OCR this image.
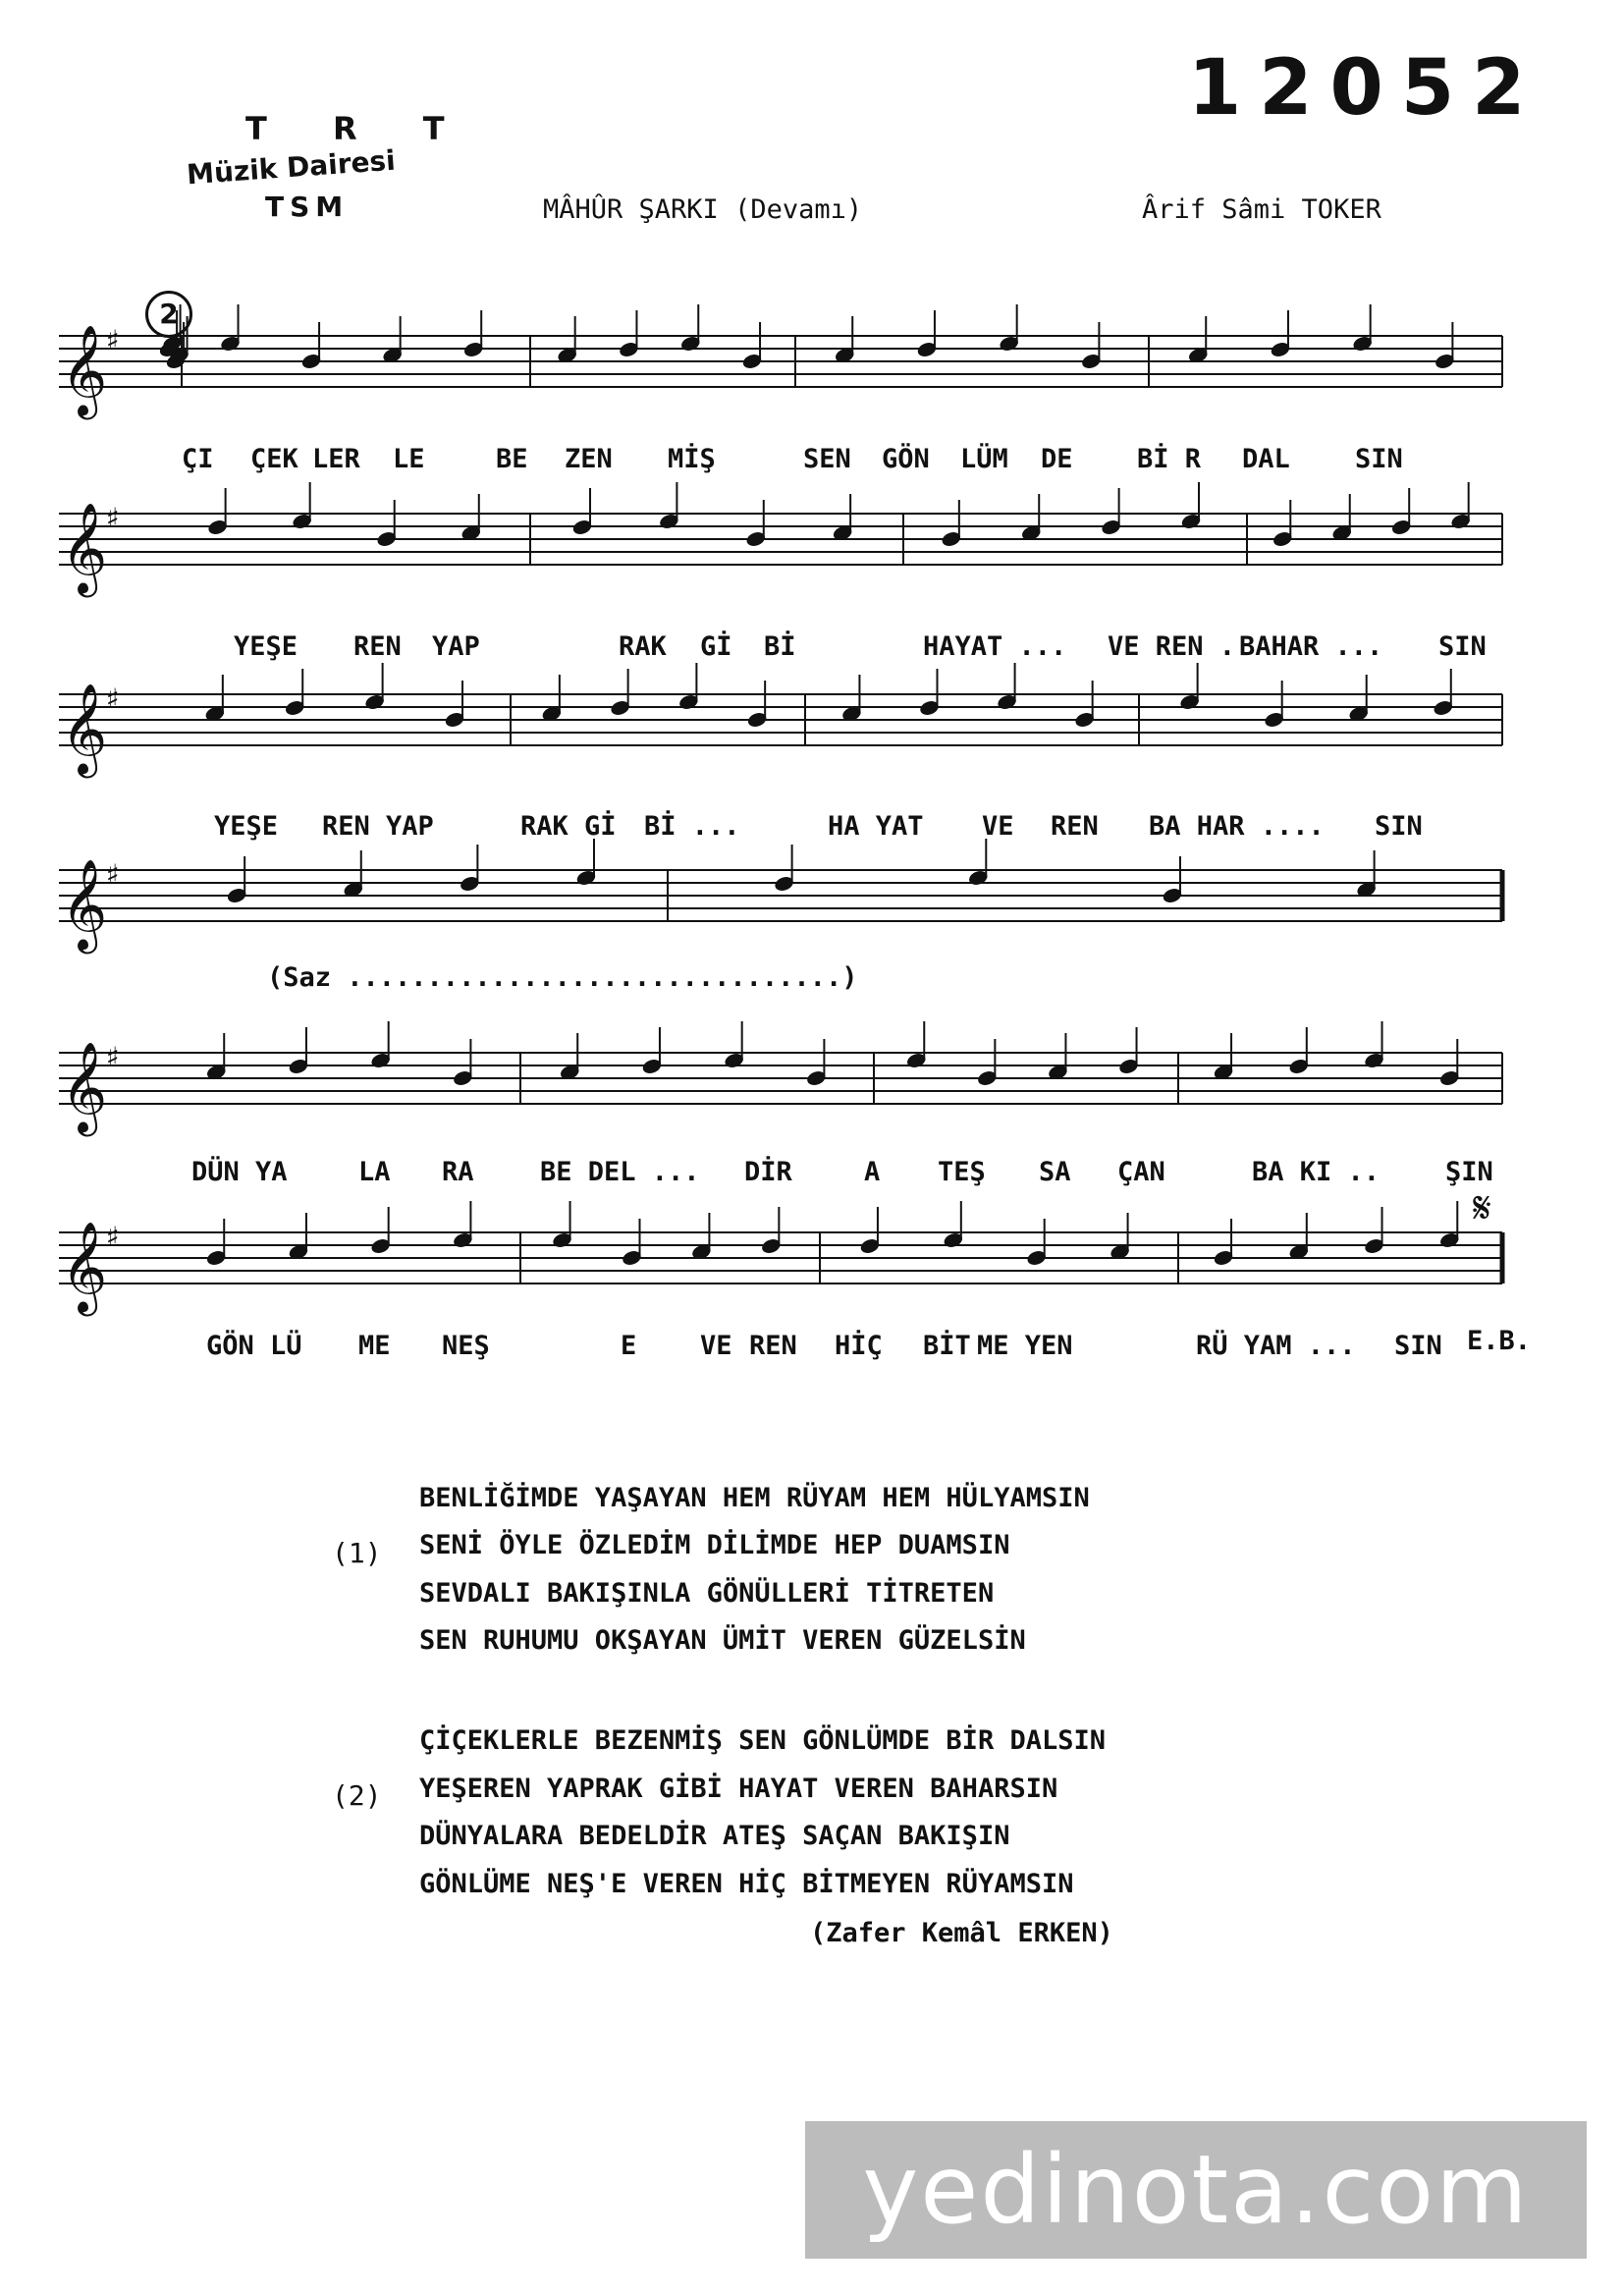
T R T
Müzik Dairesi
TSM
12052
MÂHÛR ŞARKI (Devamı)	Ârif Sâmi TOKER
2
𝄞
♯
𝄞
♯
𝄞
♯
𝄞
♯
𝄞
♯
𝄞
♯
𝄋
ÇI ÇEK LER LE	BE ZEN MİŞ	SEN GÖN LÜM DE Bİ R DAL SIN
YEŞE REN YAP	RAK Gİ Bİ	HAYAT ... VE REN . BAHAR ... SIN
YEŞE REN YAP	RAK Gİ Bİ ...	HA YAT VE REN BA HAR .... SIN
DÜN YA	LA RA BE DEL ... DİR	A TEŞ SA ÇAN	BA KI .. ŞIN
GÖN LÜ ME NEŞ	E VE REN HİÇ BİT ME YEN	RÜ YAM ... SIN
(Saz ...............................)
E.B.
(1)
BENLİĞİMDE YAŞAYAN HEM RÜYAM HEM HÜLYAMSIN
SENİ ÖYLE ÖZLEDİM DİLİMDE HEP DUAMSIN
SEVDALI BAKIŞINLA GÖNÜLLERİ TİTRETEN
SEN RUHUMU OKŞAYAN ÜMİT VEREN GÜZELSİN
(2)
ÇİÇEKLERLE BEZENMİŞ SEN GÖNLÜMDE BİR DALSIN
YEŞEREN YAPRAK GİBİ HAYAT VEREN BAHARSIN
DÜNYALARA BEDELDİR ATEŞ SAÇAN BAKIŞIN
GÖNLÜME NEŞ'E VEREN HİÇ BİTMEYEN RÜYAMSIN
(Zafer Kemâl ERKEN)
yedinota.com
